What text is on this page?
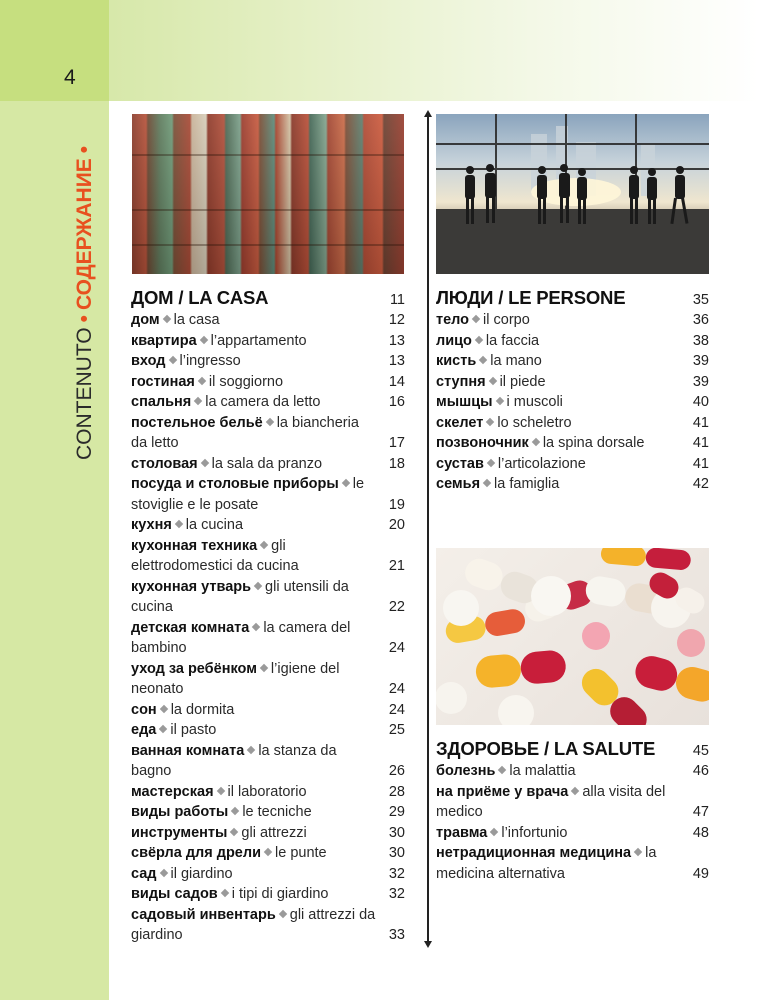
4
CONTENUTO•СОДЕРЖАНИЕ•
ДОМ / LA CASA	11
дом la casa	12
квартира l’appartamento	13
вход l’ingresso	13
гостиная il soggiorno	14
спальня la camera da letto	16
постельное бельё la biancheria da letto	17
столовая la sala da pranzo	18
посуда и столовые приборы le stoviglie e le posate	19
кухня la cucina	20
кухонная техника gli elettrodomestici da cucina	21
кухонная утварь gli utensili da cucina	22
детская комната la camera del bambino	24
уход за ребёнком l’igiene del neonato	24
сон la dormita	24
еда il pasto	25
ванная комната la stanza da bagno	26
мастерская il laboratorio	28
виды работы le tecniche	29
инструменты gli attrezzi	30
свёрла для дрели le punte	30
сад il giardino	32
виды садов i tipi di giardino	32
садовый инвентарь gli attrezzi da giardino	33
ЛЮДИ / LE PERSONE	35
тело il corpo	36
лицо la faccia	38
кисть la mano	39
ступня il piede	39
мышцы i muscoli	40
скелет lo scheletro	41
позвоночник la spina dorsale	41
сустав l’articolazione	41
семья la famiglia	42
ЗДОРОВЬЕ / LA SALUTE	45
болезнь la malattia	46
на приёме у врача alla visita del medico	47
травма l’infortunio	48
нетрадиционная медицина la medicina alternativa	49
